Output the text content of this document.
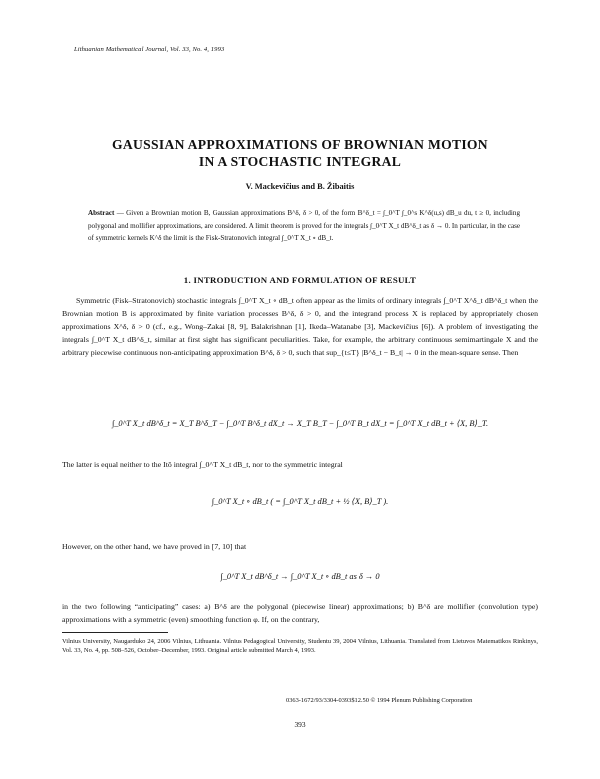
Lithuanian Mathematical Journal, Vol. 33, No. 4, 1993
GAUSSIAN APPROXIMATIONS OF BROWNIAN MOTION
IN A STOCHASTIC INTEGRAL
V. Mackevičius and B. Žibaitis
Abstract — Given a Brownian motion B, Gaussian approximations B^δ, δ > 0, of the form B^δ_t = ∫_0^T ∫_0^s K^δ(u,s) dB_u du, t ≥ 0, including polygonal and mollifier approximations, are considered. A limit theorem is proved for the integrals ∫_0^T X_t dB^δ_t as δ → 0. In particular, in the case of symmetric kernels K^δ the limit is the Fisk-Stratonovich integral ∫_0^T X_t ∘ dB_t.
1. INTRODUCTION AND FORMULATION OF RESULT
Symmetric (Fisk–Stratonovich) stochastic integrals ∫_0^T X_t ∘ dB_t often appear as the limits of ordinary integrals ∫_0^T X^δ_t dB^δ_t when the Brownian motion B is approximated by finite variation processes B^δ, δ > 0, and the integrand process X is replaced by appropriately chosen approximations X^δ, δ > 0 (cf., e.g., Wong–Zakai [8, 9], Balakrishnan [1], Ikeda–Watanabe [3], Mackevičius [6]). A problem of investigating the integrals ∫_0^T X_t dB^δ_t, similar at first sight has significant peculiarities. Take, for example, the arbitrary continuous semimartingale X and the arbitrary piecewise continuous non-anticipating approximation B^δ, δ > 0, such that sup_{t≤T} |B^δ_t − B_t| → 0 in the mean-square sense. Then
∫_0^T X_t dB^δ_t = X_T B^δ_T − ∫_0^T B^δ_t dX_t → X_T B_T − ∫_0^T B_t dX_t = ∫_0^T X_t dB_t + ⟨X, B⟩_T.
The latter is equal neither to the Itô integral ∫_0^T X_t dB_t, nor to the symmetric integral
∫_0^T X_t ∘ dB_t ( = ∫_0^T X_t dB_t + ½ ⟨X, B⟩_T ).
However, on the other hand, we have proved in [7, 10] that
∫_0^T X_t dB^δ_t → ∫_0^T X_t ∘ dB_t as δ → 0
in the two following “anticipating” cases: a) B^δ are the polygonal (piecewise linear) approximations; b) B^δ are mollifier (convolution type) approximations with a symmetric (even) smoothing function φ. If, on the contrary,
Vilnius University, Naugarduko 24, 2006 Vilnius, Lithuania. Vilnius Pedagogical University, Studentu 39, 2004 Vilnius, Lithuania. Translated from Lietuvos Matematikos Rinkinys, Vol. 33, No. 4, pp. 508–526, October–December, 1993. Original article submitted March 4, 1993.
0363-1672/93/3304-0393$12.50 © 1994 Plenum Publishing Corporation
393
